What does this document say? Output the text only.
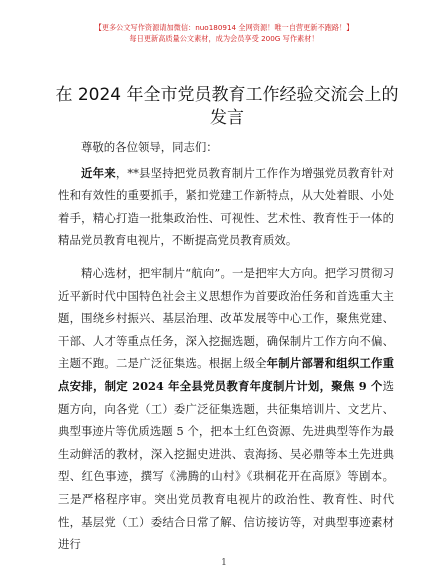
【更多公文写作资源请加微信：nuo180914 全网资源！唯一自营更新不跑路！】
每日更新高质量公文素材，成为会员享受 200G 写作素材！
在 2024 年全市党员教育工作经验交流会上的发言

尊敬的各位领导，同志们：

近年来，**县坚持把党员教育制片工作作为增强党员教育针对性和有效性的重要抓手，紧扣党建工作新特点，从大处着眼、小处着手，精心打造一批集政治性、可视性、艺术性、教育性于一体的精品党员教育电视片，不断提高党员教育质效。

精心选材，把牢制片“航向”。一是把牢大方向。把学习贯彻习近平新时代中国特色社会主义思想作为首要政治任务和首选重大主题，围绕乡村振兴、基层治理、改革发展等中心工作，聚焦党建、干部、人才等重点任务，深入挖掘选题，确保制片工作方向不偏、主题不跑。二是广泛征集选。根据上级全年制片部署和组织工作重点安排，制定 2024 年全县党员教育年度制片计划，聚焦 9 个选题方向，向各党（工）委广泛征集选题，共征集培训片、文艺片、典型事迹片等优质选题 5 个，把本土红色资源、先进典型等作为最生动鲜活的教材，深入挖掘史进洪、袁海扬、吴必鼎等本土先进典型、红色事迹，撰写《沸腾的山村》《珙桐花开在高原》等剧本。三是严格程序审。突出党员教育电视片的政治性、教育性、时代性，基层党（工）委结合日常了解、信访接访等，对典型事迹素材进行

1
